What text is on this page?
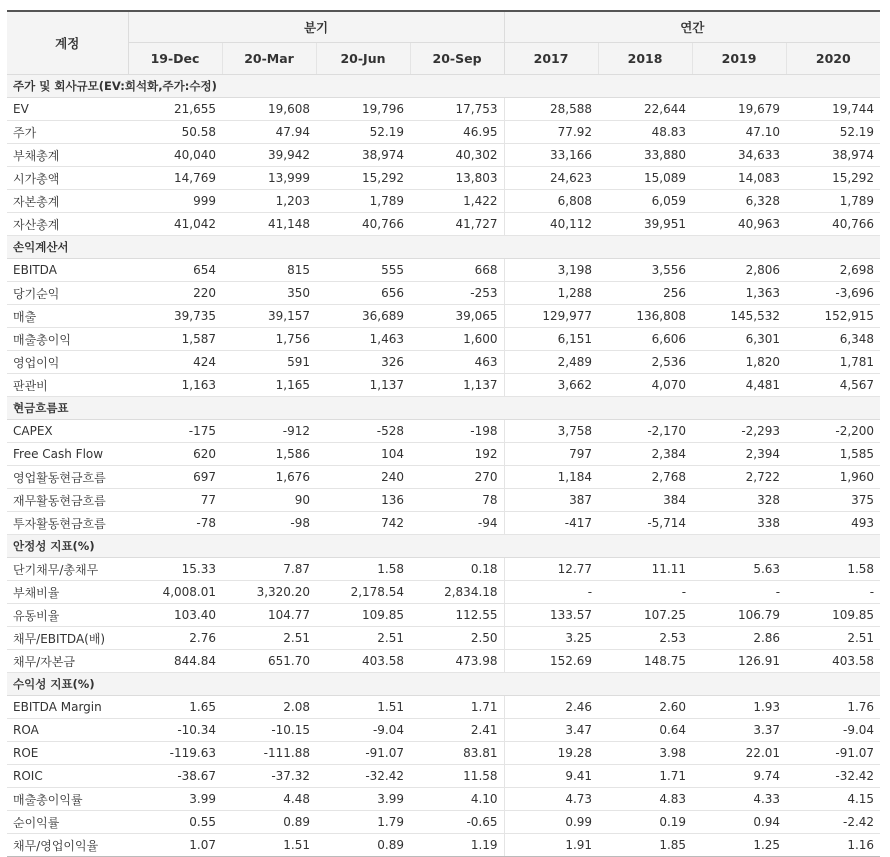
계정	분기				연간			
	19-Dec	20-Mar	20-Jun	20-Sep	2017	2018	2019	2020
주가 및 회사규모(EV:희석화,주가:수정)								
EV	21,655	19,608	19,796	17,753	28,588	22,644	19,679	19,744
주가	50.58	47.94	52.19	46.95	77.92	48.83	47.10	52.19
부채총계	40,040	39,942	38,974	40,302	33,166	33,880	34,633	38,974
시가총액	14,769	13,999	15,292	13,803	24,623	15,089	14,083	15,292
자본총계	999	1,203	1,789	1,422	6,808	6,059	6,328	1,789
자산총계	41,042	41,148	40,766	41,727	40,112	39,951	40,963	40,766
손익계산서								
EBITDA	654	815	555	668	3,198	3,556	2,806	2,698
당기순익	220	350	656	-253	1,288	256	1,363	-3,696
매출	39,735	39,157	36,689	39,065	129,977	136,808	145,532	152,915
매출총이익	1,587	1,756	1,463	1,600	6,151	6,606	6,301	6,348
영업이익	424	591	326	463	2,489	2,536	1,820	1,781
판관비	1,163	1,165	1,137	1,137	3,662	4,070	4,481	4,567
현금흐름표								
CAPEX	-175	-912	-528	-198	3,758	-2,170	-2,293	-2,200
Free Cash Flow	620	1,586	104	192	797	2,384	2,394	1,585
영업활동현금흐름	697	1,676	240	270	1,184	2,768	2,722	1,960
재무활동현금흐름	77	90	136	78	387	384	328	375
투자활동현금흐름	-78	-98	742	-94	-417	-5,714	338	493
안정성 지표(%)								
단기채무/총채무	15.33	7.87	1.58	0.18	12.77	11.11	5.63	1.58
부채비율	4,008.01	3,320.20	2,178.54	2,834.18	-	-	-	-
유동비율	103.40	104.77	109.85	112.55	133.57	107.25	106.79	109.85
채무/EBITDA(배)	2.76	2.51	2.51	2.50	3.25	2.53	2.86	2.51
채무/자본금	844.84	651.70	403.58	473.98	152.69	148.75	126.91	403.58
수익성 지표(%)								
EBITDA Margin	1.65	2.08	1.51	1.71	2.46	2.60	1.93	1.76
ROA	-10.34	-10.15	-9.04	2.41	3.47	0.64	3.37	-9.04
ROE	-119.63	-111.88	-91.07	83.81	19.28	3.98	22.01	-91.07
ROIC	-38.67	-37.32	-32.42	11.58	9.41	1.71	9.74	-32.42
매출총이익률	3.99	4.48	3.99	4.10	4.73	4.83	4.33	4.15
순이익률	0.55	0.89	1.79	-0.65	0.99	0.19	0.94	-2.42
채무/영업이익율	1.07	1.51	0.89	1.19	1.91	1.85	1.25	1.16
